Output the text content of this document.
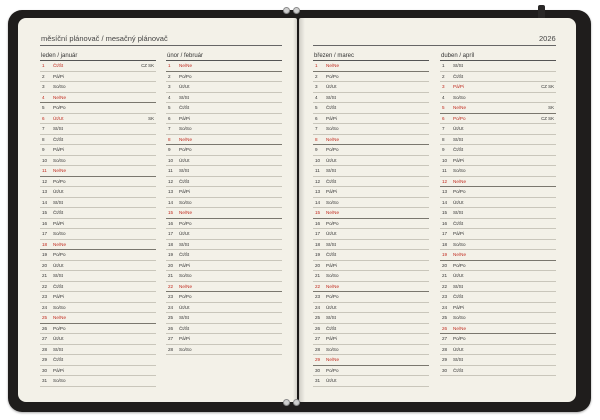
měsíční plánovač / mesačný plánovač	2026
leden / január
1	Čt/Št	CZ SK
2	Pá/Pi
3	So/So
4	Ne/Ne
5	Po/Po
6	Út/Ut	SK
7	St/St
8	Čt/Št
9	Pá/Pi
10	So/So
11	Ne/Ne
12	Po/Po
13	Út/Ut
14	St/St
15	Čt/Št
16	Pá/Pi
17	So/So
18	Ne/Ne
19	Po/Po
20	Út/Ut
21	St/St
22	Čt/Št
23	Pá/Pi
24	So/So
25	Ne/Ne
26	Po/Po
27	Út/Ut
28	St/St
29	Čt/Št
30	Pá/Pi
31	So/So
únor / február
1	Ne/Ne
2	Po/Po
3	Út/Ut
4	St/St
5	Čt/Št
6	Pá/Pi
7	So/So
8	Ne/Ne
9	Po/Po
10	Út/Ut
11	St/St
12	Čt/Št
13	Pá/Pi
14	So/So
15	Ne/Ne
16	Po/Po
17	Út/Ut
18	St/St
19	Čt/Št
20	Pá/Pi
21	So/So
22	Ne/Ne
23	Po/Po
24	Út/Ut
25	St/St
26	Čt/Št
27	Pá/Pi
28	So/So
březen / marec
1	Ne/Ne
2	Po/Po
3	Út/Ut
4	St/St
5	Čt/Št
6	Pá/Pi
7	So/So
8	Ne/Ne
9	Po/Po
10	Út/Ut
11	St/St
12	Čt/Št
13	Pá/Pi
14	So/So
15	Ne/Ne
16	Po/Po
17	Út/Ut
18	St/St
19	Čt/Št
20	Pá/Pi
21	So/So
22	Ne/Ne
23	Po/Po
24	Út/Ut
25	St/St
26	Čt/Št
27	Pá/Pi
28	So/So
29	Ne/Ne
30	Po/Po
31	Út/Ut
duben / apríl
1	St/St
2	Čt/Št
3	Pá/Pi	CZ SK
4	So/So
5	Ne/Ne	SK
6	Po/Po	CZ SK
7	Út/Ut
8	St/St
9	Čt/Št
10	Pá/Pi
11	So/So
12	Ne/Ne
13	Po/Po
14	Út/Ut
15	St/St
16	Čt/Št
17	Pá/Pi
18	So/So
19	Ne/Ne
20	Po/Po
21	Út/Ut
22	St/St
23	Čt/Št
24	Pá/Pi
25	So/So
26	Ne/Ne
27	Po/Po
28	Út/Ut
29	St/St
30	Čt/Št
